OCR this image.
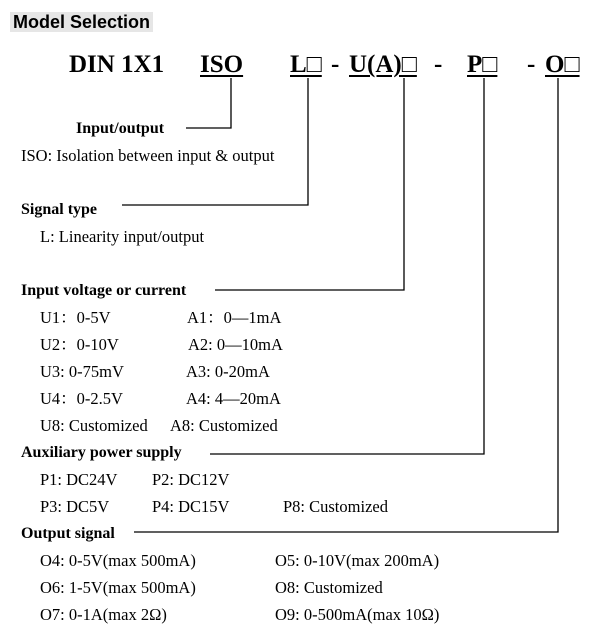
Model Selection
DIN 1X1 ISO L□ - U(A)□ - P□ - O□
Input/output
ISO: Isolation between input & output
Signal type
L: Linearity input/output
Input voltage or current
U1：0-5V	A1：0—1mA
U2：0-10V	A2: 0—10mA
U3: 0-75mV	A3: 0-20mA
U4：0-2.5V	A4: 4—20mA
U8: Customized A8: Customized
Auxiliary power supply
P1: DC24V P2: DC12V
P3: DC5V	P4: DC15V	P8: Customized
Output signal
O4: 0-5V(max 500mA)	O5: 0-10V(max 200mA)
O6: 1-5V(max 500mA)	O8: Customized
O7: 0-1A(max 2Ω)	O9: 0-500mA(max 10Ω)
